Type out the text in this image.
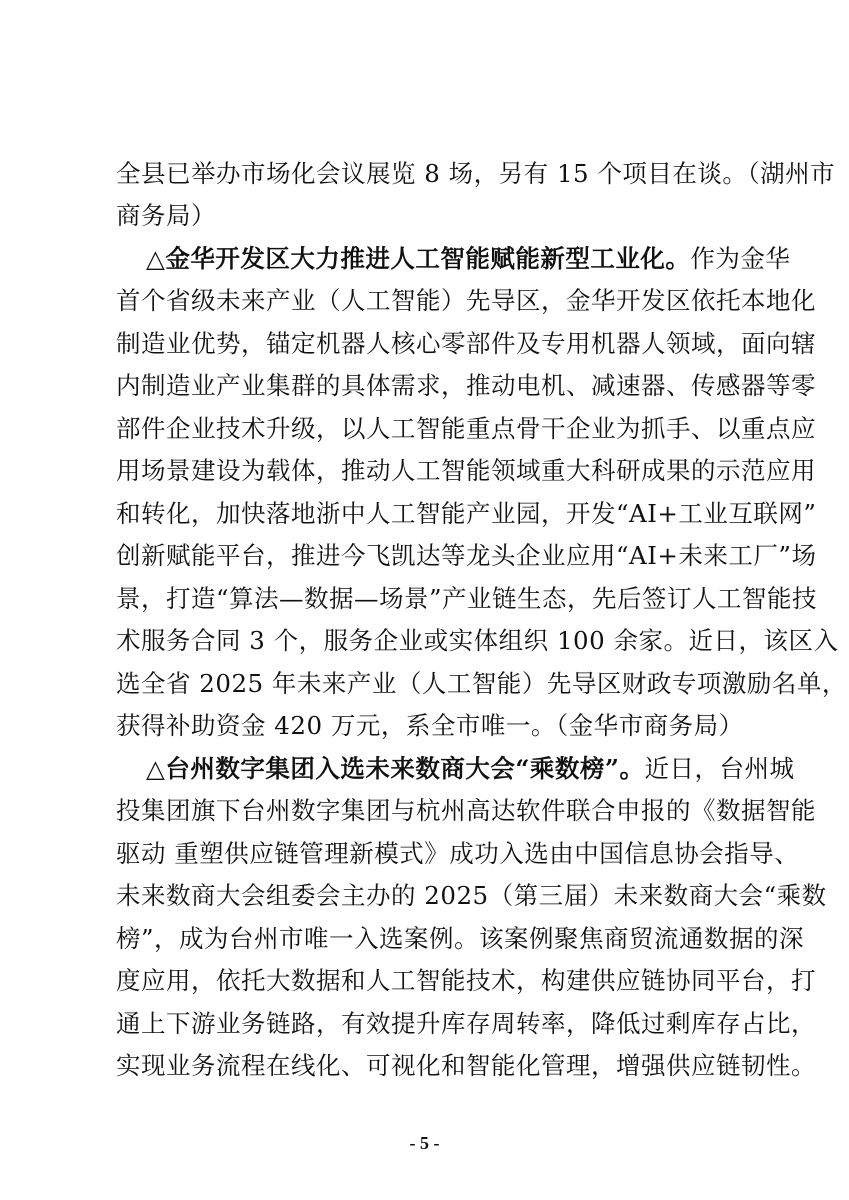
全县已举办市场化会议展览 8 场，另有 15 个项目在谈。（湖州市
商务局）
△金华开发区大力推进人工智能赋能新型工业化。作为金华
首个省级未来产业（人工智能）先导区，金华开发区依托本地化
制造业优势，锚定机器人核心零部件及专用机器人领域，面向辖
内制造业产业集群的具体需求，推动电机、减速器、传感器等零
部件企业技术升级，以人工智能重点骨干企业为抓手、以重点应
用场景建设为载体，推动人工智能领域重大科研成果的示范应用
和转化，加快落地浙中人工智能产业园，开发“AI+工业互联网”
创新赋能平台，推进今飞凯达等龙头企业应用“AI+未来工厂”场
景，打造“算法—数据—场景”产业链生态，先后签订人工智能技
术服务合同 3 个，服务企业或实体组织 100 余家。近日，该区入
选全省 2025 年未来产业（人工智能）先导区财政专项激励名单，
获得补助资金 420 万元，系全市唯一。（金华市商务局）
△台州数字集团入选未来数商大会“乘数榜”。近日，台州城
投集团旗下台州数字集团与杭州高达软件联合申报的《数据智能
驱动 重塑供应链管理新模式》成功入选由中国信息协会指导、
未来数商大会组委会主办的 2025（第三届）未来数商大会“乘数
榜”，成为台州市唯一入选案例。该案例聚焦商贸流通数据的深
度应用，依托大数据和人工智能技术，构建供应链协同平台，打
通上下游业务链路，有效提升库存周转率，降低过剩库存占比，
实现业务流程在线化、可视化和智能化管理，增强供应链韧性。
- 5 -
